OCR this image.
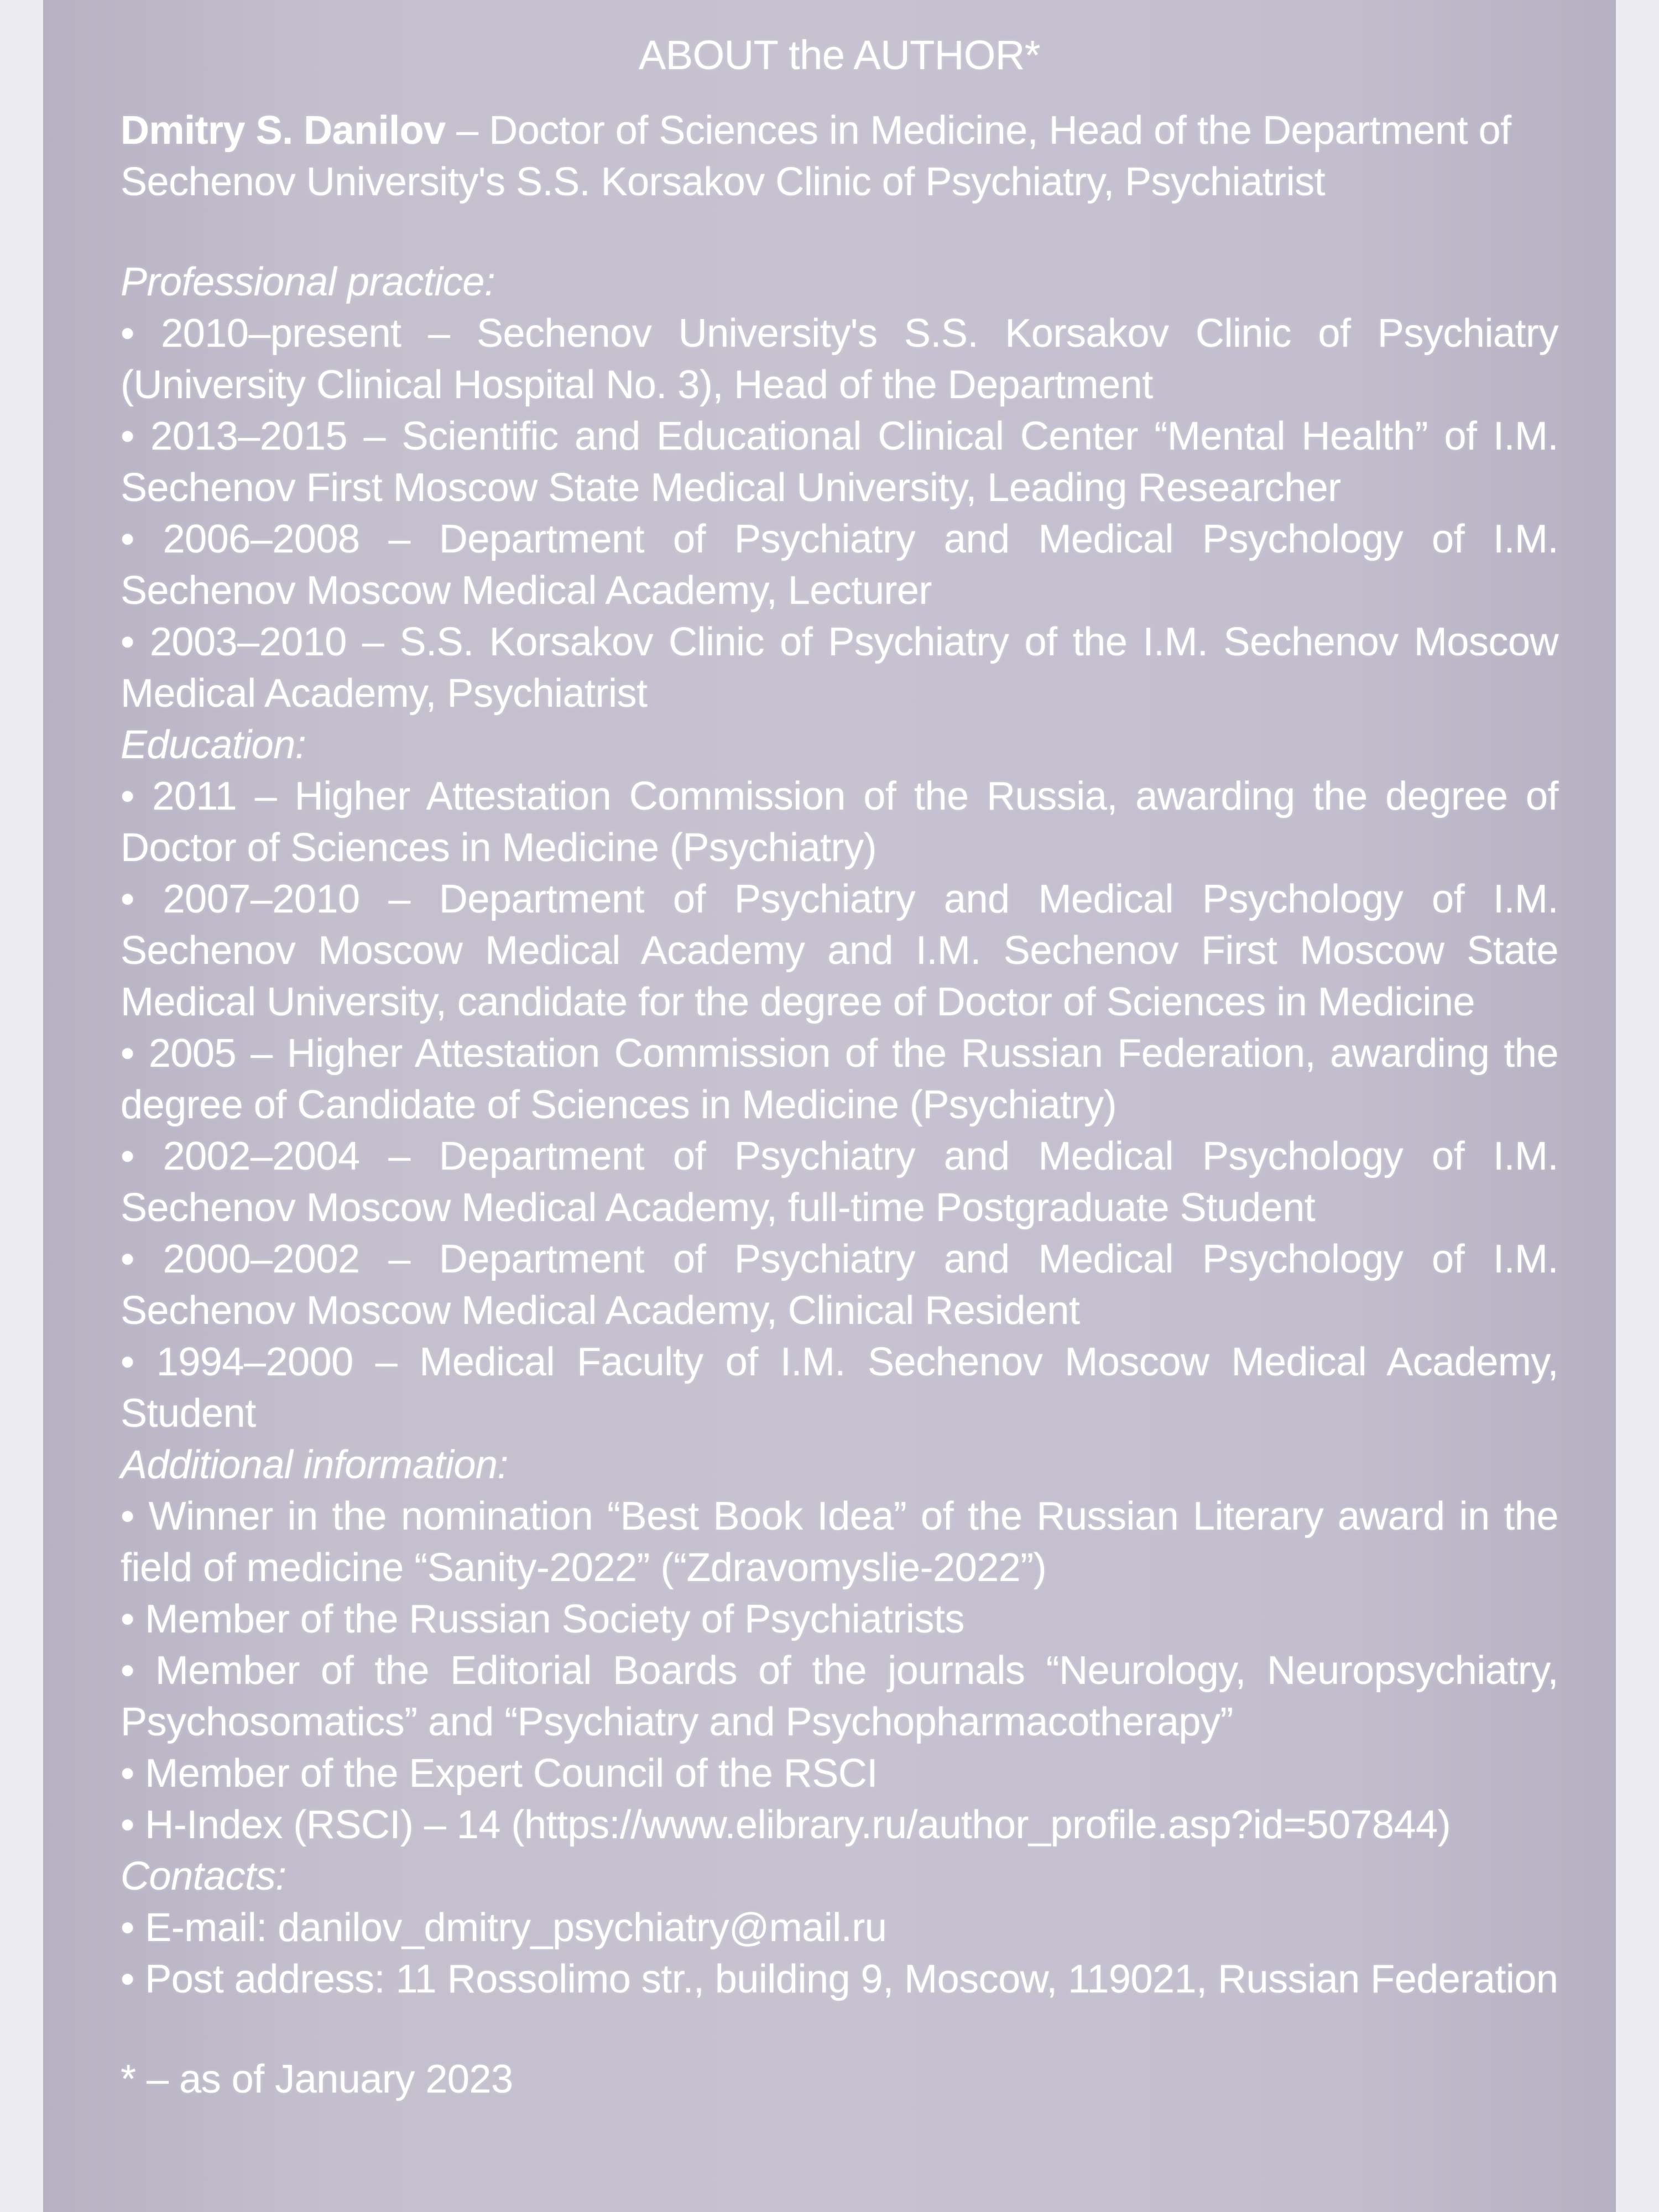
ABOUT the AUTHOR*

Dmitry S. Danilov – Doctor of Sciences in Medicine, Head of the Department of Sechenov University's S.S. Korsakov Clinic of Psychiatry, Psychiatrist

Professional practice:
• 2010–present – Sechenov University's S.S. Korsakov Clinic of Psychiatry (University Clinical Hospital No. 3), Head of the Department
• 2013–2015 – Scientific and Educational Clinical Center “Mental Health” of I.M. Sechenov First Moscow State Medical University, Leading Researcher
• 2006–2008 – Department of Psychiatry and Medical Psychology of I.M. Sechenov Moscow Medical Academy, Lecturer
• 2003–2010 – S.S. Korsakov Clinic of Psychiatry of the I.M. Sechenov Moscow Medical Academy, Psychiatrist
Education:
• 2011 – Higher Attestation Commission of the Russia, awarding the degree of Doctor of Sciences in Medicine (Psychiatry)
• 2007–2010 – Department of Psychiatry and Medical Psychology of I.M. Sechenov Moscow Medical Academy and I.M. Sechenov First Moscow State Medical University, candidate for the degree of Doctor of Sciences in Medicine
• 2005 – Higher Attestation Commission of the Russian Federation, awarding the degree of Candidate of Sciences in Medicine (Psychiatry)
• 2002–2004 – Department of Psychiatry and Medical Psychology of I.M. Sechenov Moscow Medical Academy, full-time Postgraduate Student
• 2000–2002 – Department of Psychiatry and Medical Psychology of I.M. Sechenov Moscow Medical Academy, Clinical Resident
• 1994–2000 – Medical Faculty of I.M. Sechenov Moscow Medical Academy, Student
Additional information:
• Winner in the nomination “Best Book Idea” of the Russian Literary award in the field of medicine “Sanity-2022” (“Zdravomyslie-2022”)
• Member of the Russian Society of Psychiatrists
• Member of the Editorial Boards of the journals “Neurology, Neuropsychiatry, Psychosomatics” and “Psychiatry and Psychopharmacotherapy”
• Member of the Expert Council of the RSCI
• H-Index (RSCI) – 14 (https://www.elibrary.ru/author_profile.asp?id=507844)
Contacts:
• E-mail: danilov_dmitry_psychiatry@mail.ru
• Post address: 11 Rossolimo str., building 9, Moscow, 119021, Russian Federation
* – as of January 2023
